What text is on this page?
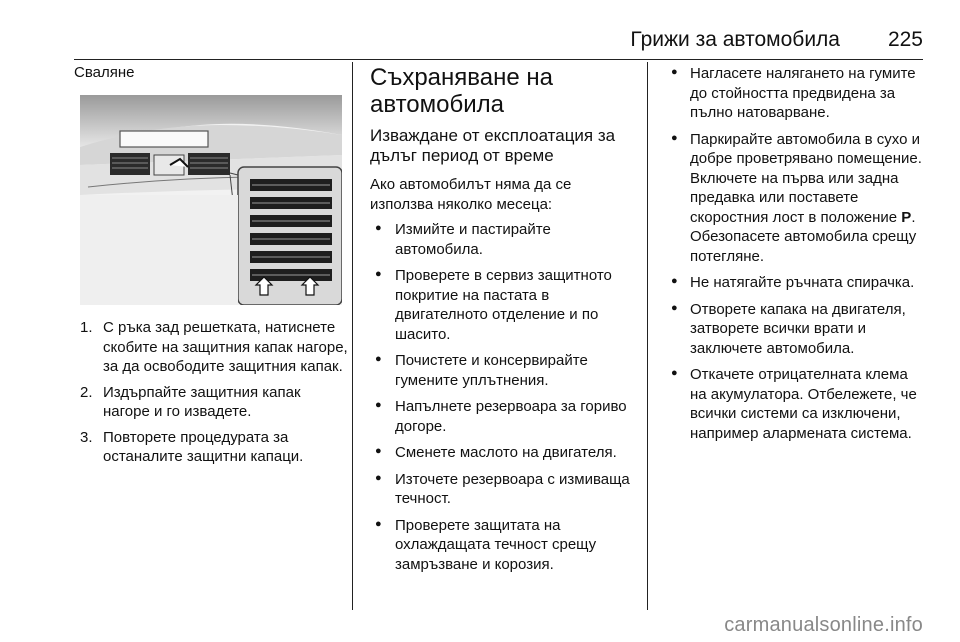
Грижи за автомобила 225
Сваляне
1. С ръка зад решетката, натиснете скобите на защитния капак нагоре, за да освободите защитния капак.
2. Издърпайте защитния капак нагоре и го извадете.
3. Повторете процедурата за останалите защитни капаци.
Съхраняване на автомобила
Изваждане от експлоатация за дълъг период от време

Ако автомобилът няма да се използва няколко месеца:

● Измийте и пастирайте автомобила.
● Проверете в сервиз защитното покритие на пастата в двигателното отделение и по шасито.
● Почистете и консервирайте гумените уплътнения.
● Напълнете резервоара за гориво догоре.
● Сменете маслото на двигателя.
● Източете резервоара с измиваща течност.
● Проверете защитата на охлаждащата течност срещу замръзване и корозия.
● Нагласете налягането на гумите до стойността предвидена за пълно натоварване.
● Паркирайте автомобила в сухо и добре проветрявано помещение. Включете на първа или задна предавка или поставете скоростния лост в положение P. Обезопасете автомобила срещу потегляне.
● Не натягайте ръчната спирачка.
● Отворете капака на двигателя, затворете всички врати и заключете автомобила.
● Откачете отрицателната клема на акумулатора. Отбележете, че всички системи са изключени, например алармената система.
carmanualsonline.info
